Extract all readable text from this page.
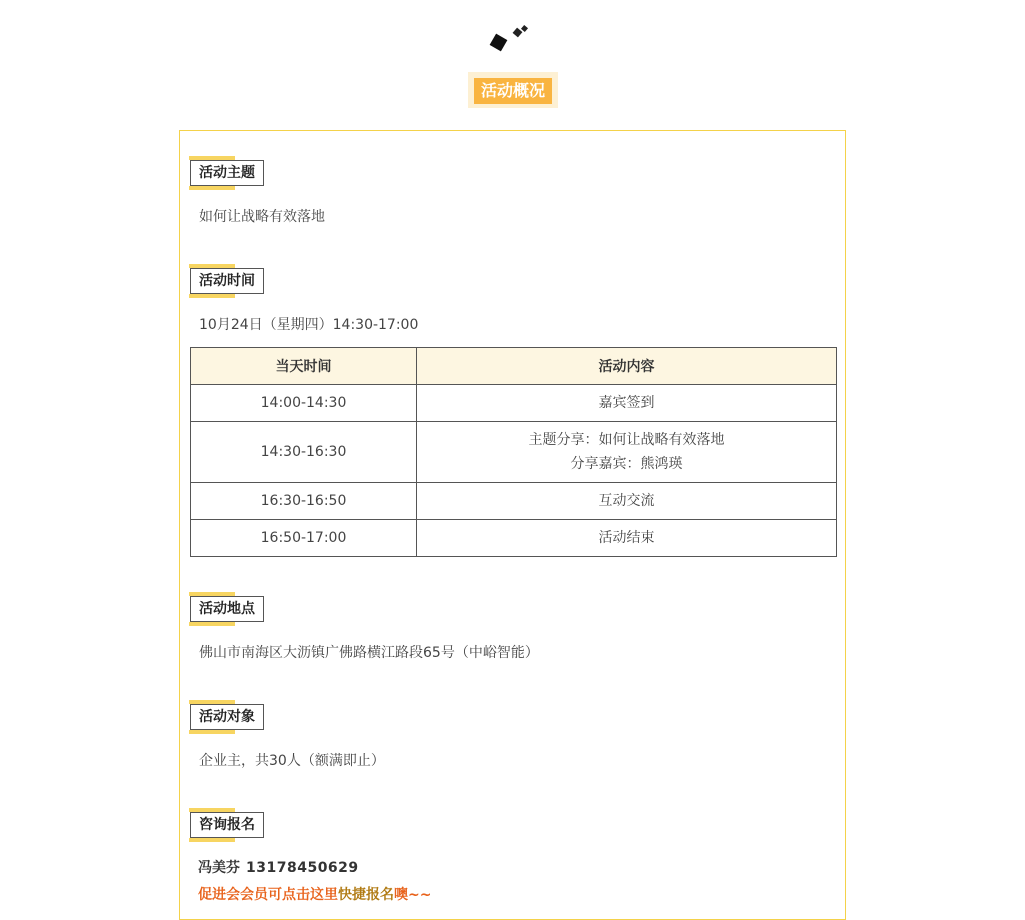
活动概况
活动主题
如何让战略有效落地
活动时间
10月24日（星期四）14:30-17:00
当天时间	活动内容
14:00-14:30	嘉宾签到

14:30-16:30	主题分享：如何让战略有效落地
分享嘉宾：熊鸿瑛

16:30-16:50	互动交流

16:50-17:00	活动结束
活动地点
佛山市南海区大沥镇广佛路横江路段65号（中峪智能）
活动对象
企业主，共30人（额满即止）
咨询报名
冯美芬 13178450629
促进会会员可点击这里快捷报名噢~~
